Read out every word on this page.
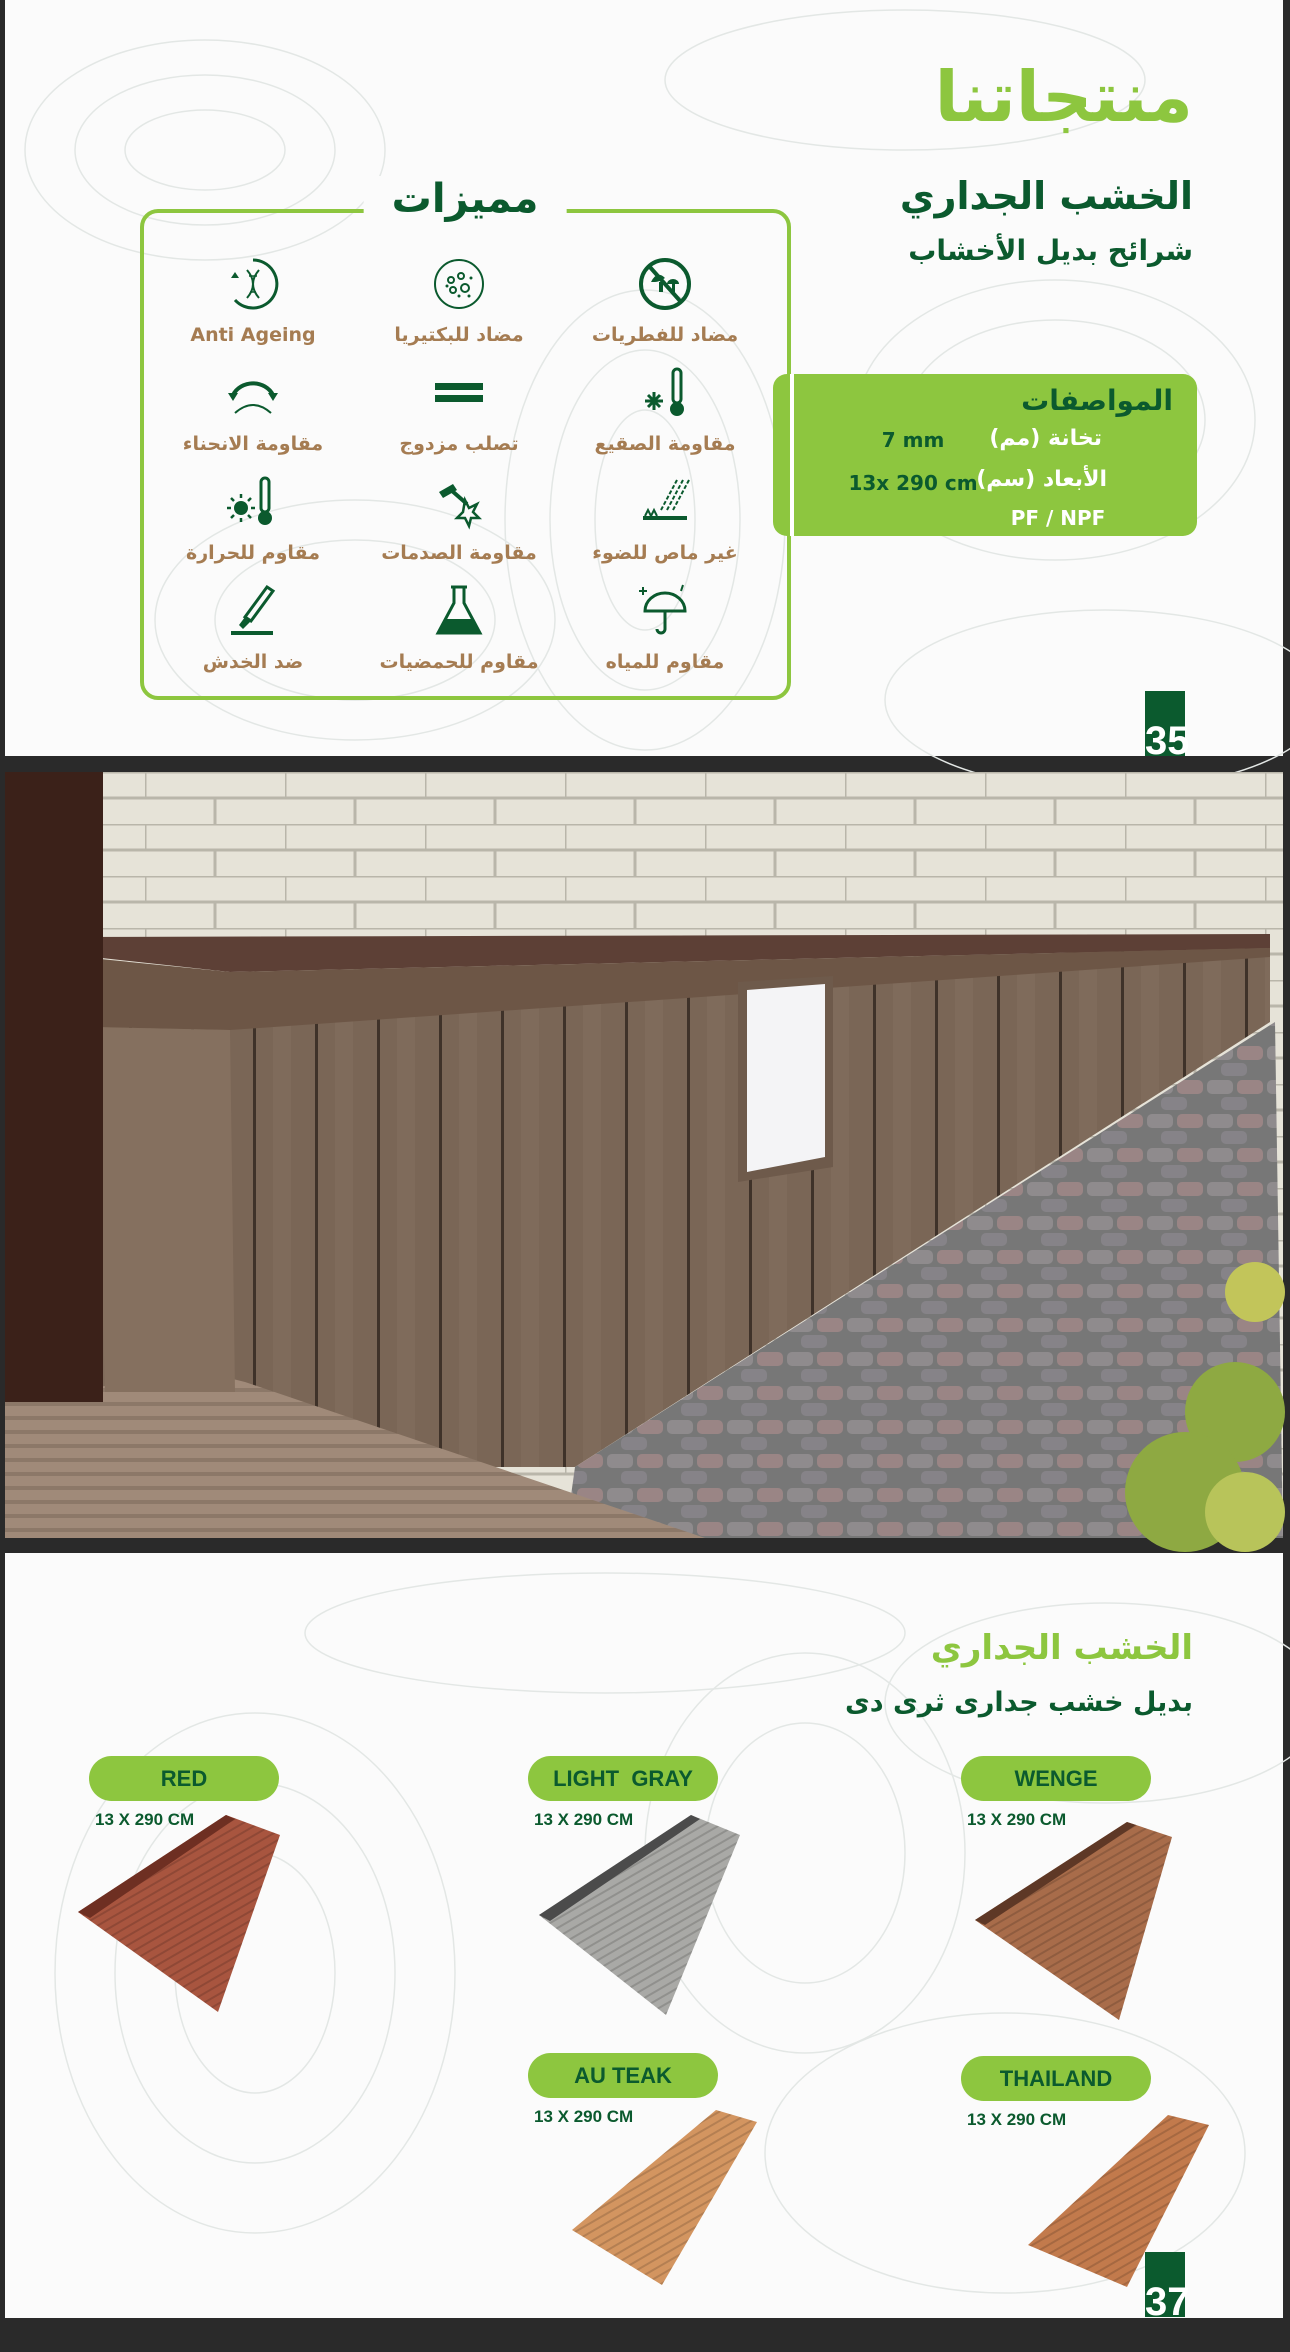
منتجاتنا
الخشب الجداري
شرائح بديل الأخشاب
مميزات
مضاد للفطريات
مضاد للبكتيريا
Anti Ageing
مقاومة الصقيع
تصلب مزدوج
مقاومة الانحناء
غير ماص للضوء
مقاومة الصدمات
مقاوم للحرارة
مقاوم للمياه
مقاوم للحمضيات
ضد الخدش
المواصفات
تخانة (مم)
7 mm
الأبعاد (سم)
13x 290 cm
PF / NPF
35
الخشب الجداري
بديل خشب جدارى ثرى دى
RED
13 X 290 CM
LIGHT  GRAY
13 X 290 CM
WENGE
13 X 290 CM
AU TEAK
13 X 290 CM
THAILAND
13 X 290 CM
37
